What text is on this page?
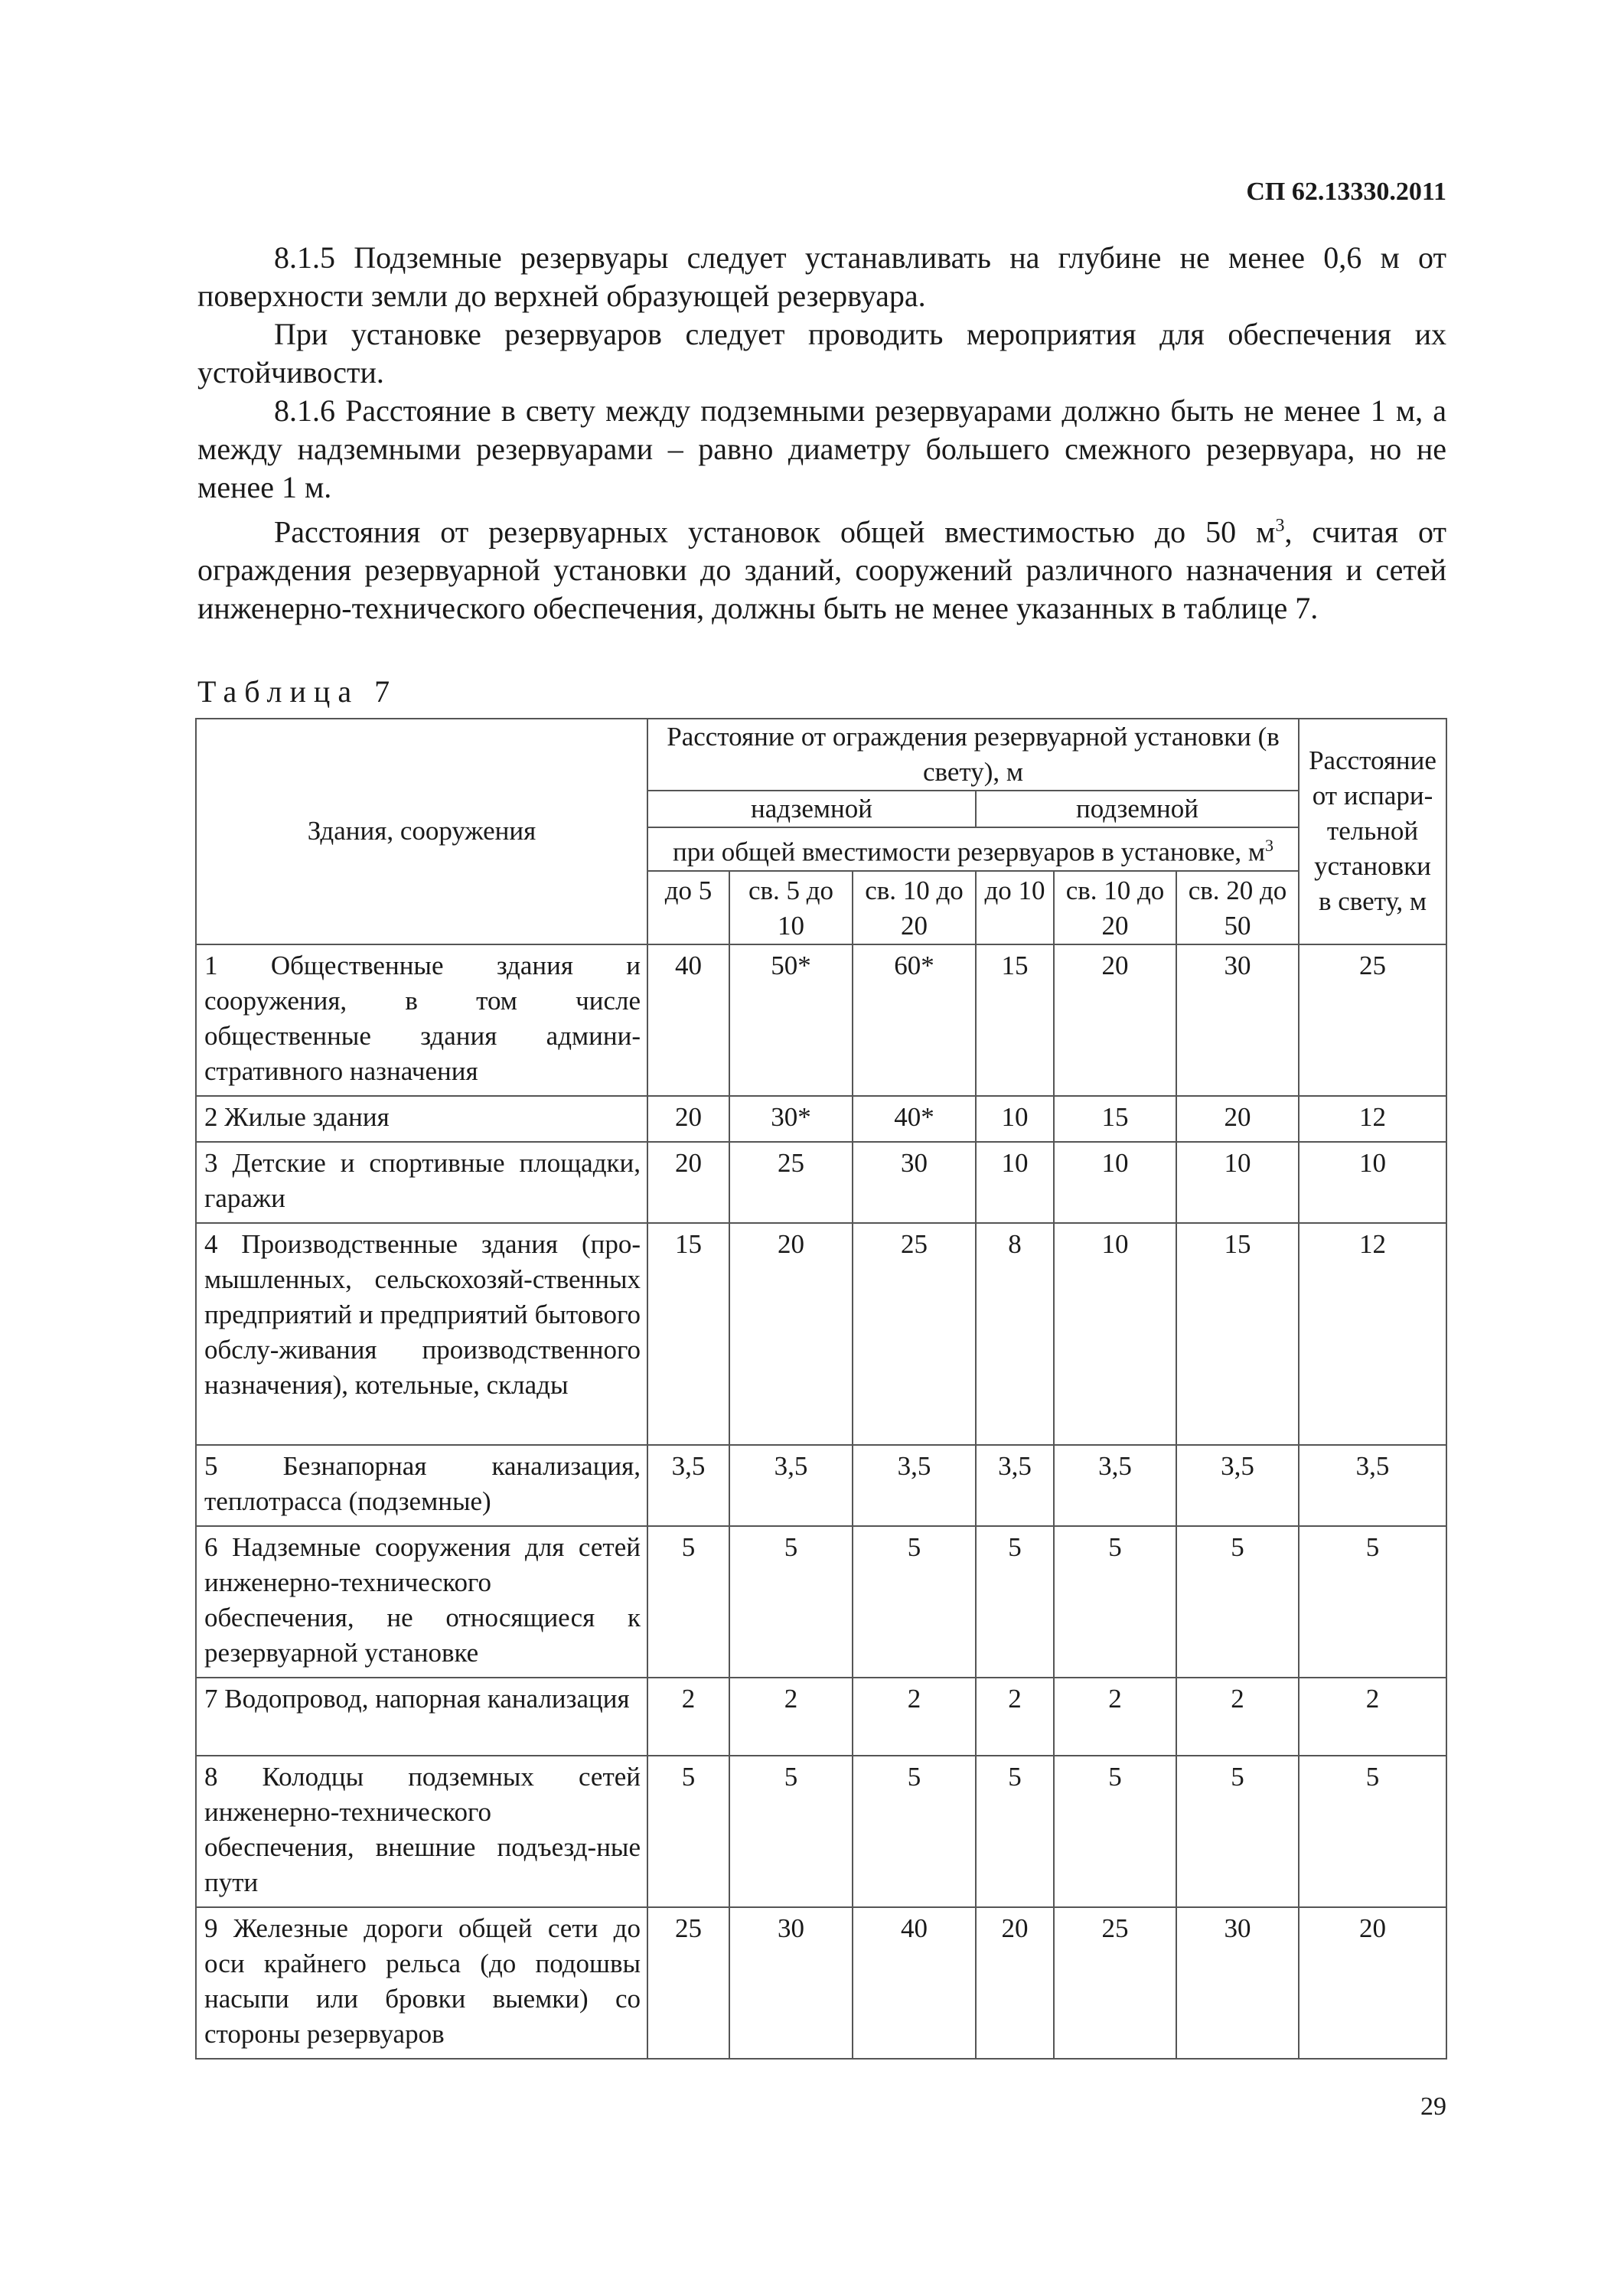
СП 62.13330.2011

8.1.5 Подземные резервуары следует устанавливать на глубине не менее 0,6 м от поверхности земли до верхней образующей резервуара.

При установке резервуаров следует проводить мероприятия для обеспечения их устойчивости.

8.1.6 Расстояние в свету между подземными резервуарами должно быть не менее 1 м, а между надземными резервуарами – равно диаметру большего смежного резервуара, но не менее 1 м.

Расстояния от резервуарных установок общей вместимостью до 50 $м^3$, считая от ограждения резервуарной установки до зданий, сооружений различного назначения и сетей инженерно-технического обеспечения, должны быть не менее указанных в таблице 7.

Таблица 7
Здания, сооружения	Расстояние от ограждения резервуарной установки (в свету), м						Расстояние от испари-тельной установки в свету, м
	надземной			подземной			
	при общей вместимости резервуаров в установке, $м^3$
	до 5	св. 5 до 10	св. 10 до 20	до 10	св. 10 до 20	св. 20 до 50	

1 Общественные здания и сооружения, в том числе общественные здания админи-стративного назначения	40	50*	60*	15	20	30	25
2 Жилые здания	20	30*	40*	10	15	20	12
3 Детские и спортивные площадки, гаражи	20	25	30	10	10	10	10
4 Производственные здания (про-мышленных, сельскохозяй-ственных предприятий и предприятий бытового обслу-живания производственного назначения), котельные, склады	15	20	25	8	10	15	12
5 Безнапорная канализация, теплотрасса (подземные)	3,5	3,5	3,5	3,5	3,5	3,5	3,5
6 Надземные сооружения для сетей инженерно-технического обеспечения, не относящиеся к резервуарной установке	5	5	5	5	5	5	5
7 Водопровод, напорная канализация	2	2	2	2	2	2	2
8 Колодцы подземных сетей инженерно-технического обеспечения, внешние подъезд-ные пути	5	5	5	5	5	5	5
9 Железные дороги общей сети до оси крайнего рельса (до подошвы насыпи или бровки выемки) со стороны резервуаров	25	30	40	20	25	30	20
29
